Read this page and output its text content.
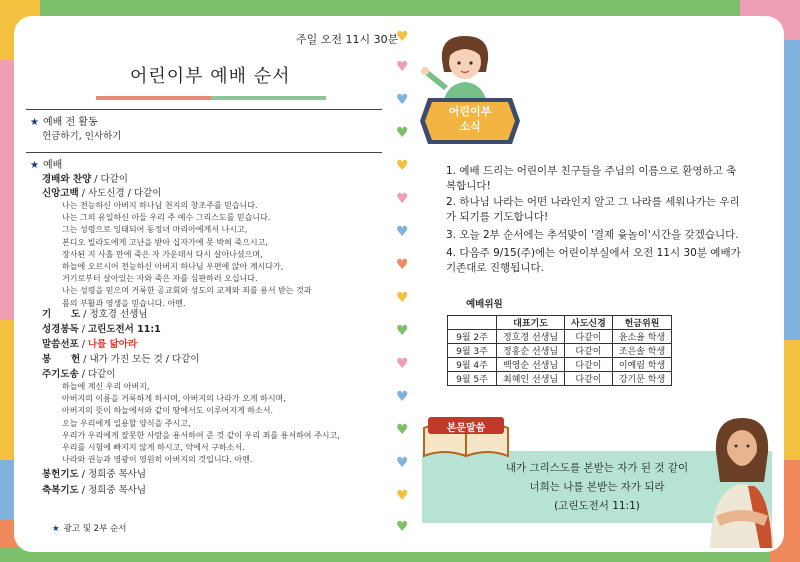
주일 오전 11시 30분
어린이부 예배 순서
★ 예배 전 활동
헌금하기, 인사하기
★ 예배
경배와 찬양 / 다같이
신앙고백 / 사도신경 / 다같이
나는 전능하신 아버지 하나님 천지의 창조주를 믿습니다.
나는 그의 유일하신 아들 우리 주 예수 그리스도를 믿습니다.
그는 성령으로 잉태되어 동정녀 마리아에게서 나시고,
본디오 빌라도에게 고난을 받아 십자가에 못 박혀 죽으시고,
장사된 지 사흘 만에 죽은 자 가운데서 다시 살아나셨으며,
하늘에 오르시어 전능하신 아버지 하나님 우편에 앉아 계시다가,
거기로부터 살아있는 자와 죽은 자를 심판하러 오십니다.
나는 성령을 믿으며 거룩한 공교회와 성도의 교제와 죄를 용서 받는 것과
몸의 부활과 영생을 믿습니다. 아멘.
기      도 / 정호경 선생님
성경봉독 / 고린도전서 11:1
말씀선포 / 나를 닮아라
봉      헌 / 내가 가진 모든 것 / 다같이
주기도송 / 다같이
하늘에 계신 우리 아버지,
아버지의 이름을 거룩하게 하시며, 아버지의 나라가 오게 하시며,
아버지의 뜻이 하늘에서와 같이 땅에서도 이루어지게 하소서.
오늘 우리에게 일용할 양식을 주시고,
우리가 우리에게 잘못한 사람을 용서하여 준 것 같이 우리 죄를 용서하여 주시고,
우리를 시험에 빠지지 않게 하시고, 악에서 구하소서.
나라와 권능과 영광이 영원히 아버지의 것입니다. 아멘.
봉헌기도 / 정희중 목사님
축복기도 / 정희중 목사님
★ 광고 및 2부 순서
♥
♥
♥
♥
♥
♥
♥
♥
♥
♥
♥
♥
♥
♥
♥
♥
어린이부
소식
1. 예배 드리는 어린이부 친구들을 주님의 이름으로 환영하고 축복합니다!
2. 하나님 나라는 어떤 나라인지 알고 그 나라를 세워나가는 우리가 되기를 기도합니다!
3. 오늘 2부 순서에는 추석맞이 '결제 윷놀이'시간을 갖겠습니다.
4. 다음주 9/15(주)에는 어린이부실에서 오전 11시 30분 예배가 기존대로 진행됩니다.
예배위원
	대표기도	사도신경	헌금위원
9월 2주	정호경 선생님	다같이	윤소율 학생
9월 3주	정홍순 선생님	다같이	조은솔 학생
9월 4주	백영순 선생님	다같이	이예림 학생
9월 5주	최혜인 선생님	다같이	강기문 학생

내가 그리스도를 본받는 자가 된 것 같이

너희는 나를 본받는 자가 되라

(고린도전서 11:1)

본문말씀
